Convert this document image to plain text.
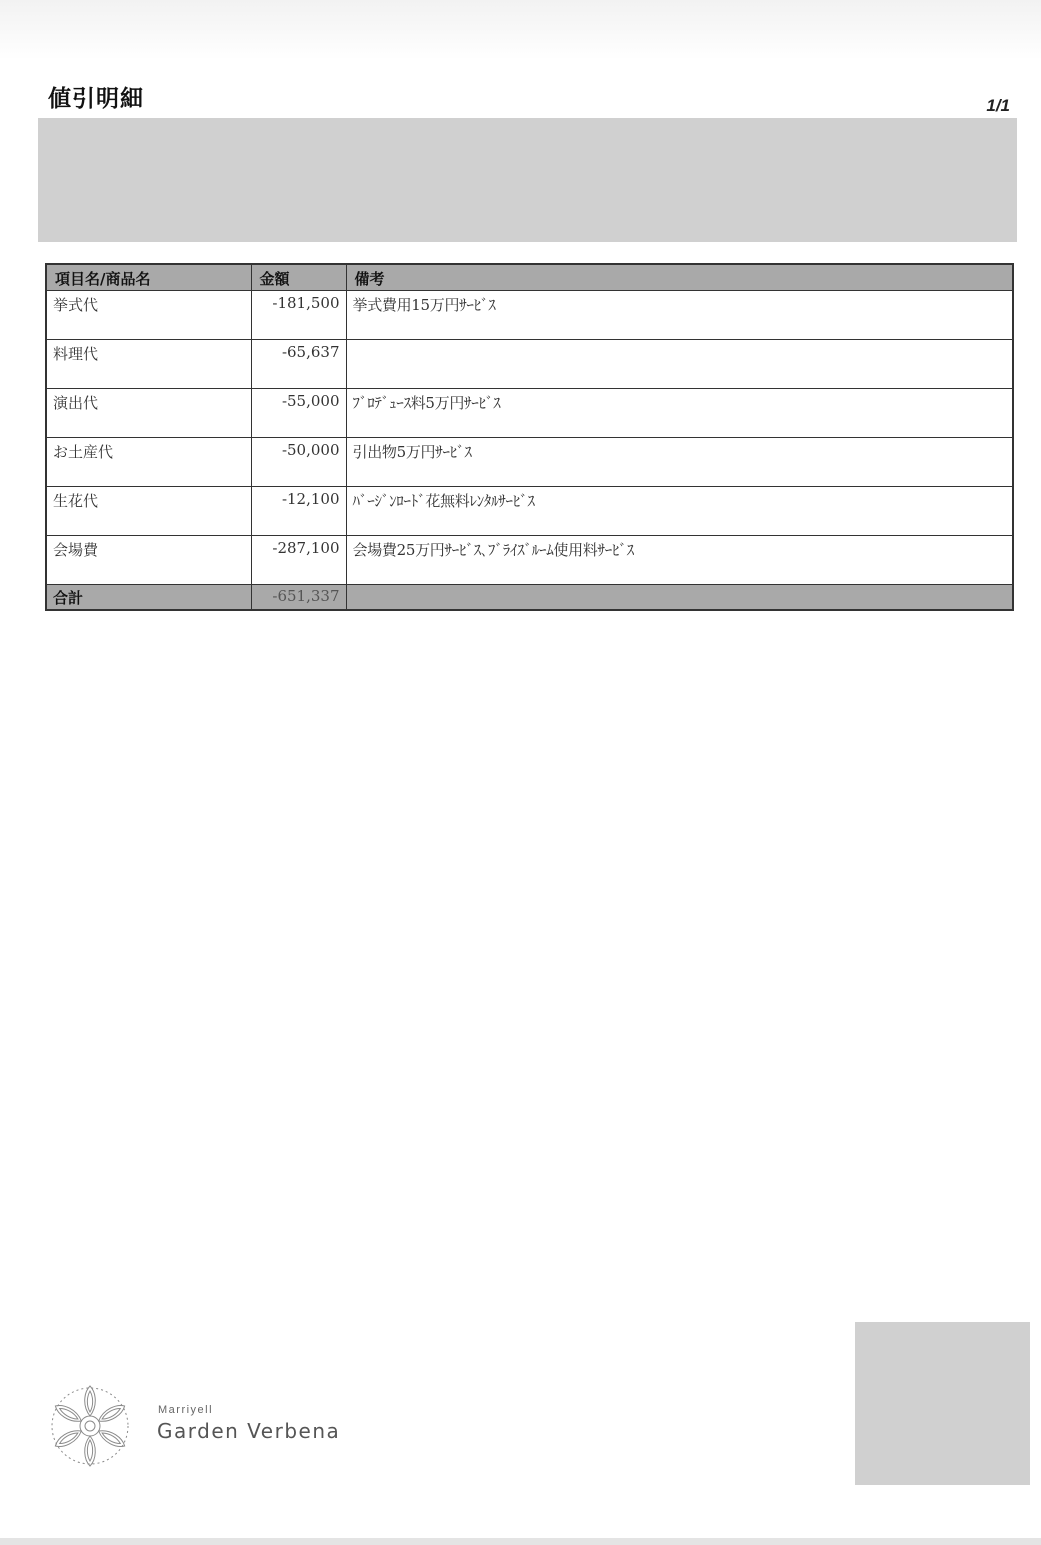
値引明細	1/1
項目名/商品名	金額	備考
挙式代	-181,500	挙式費用15万円ｻｰﾋﾞｽ
料理代	-65,637	
演出代	-55,000	ﾌﾞﾛﾃﾞｭｰｽ料5万円ｻｰﾋﾞｽ
お土産代	-50,000	引出物5万円ｻｰﾋﾞｽ
生花代	-12,100	ﾊﾞｰｼﾞﾝﾛｰﾄﾞ花無料ﾚﾝﾀﾙｻｰﾋﾞｽ
会場費	-287,100	会場費25万円ｻｰﾋﾞｽ､ﾌﾞﾗｲｽﾞﾙｰﾑ使用料ｻｰﾋﾞｽ
合計	-651,337	
Marriyell
Garden Verbena
